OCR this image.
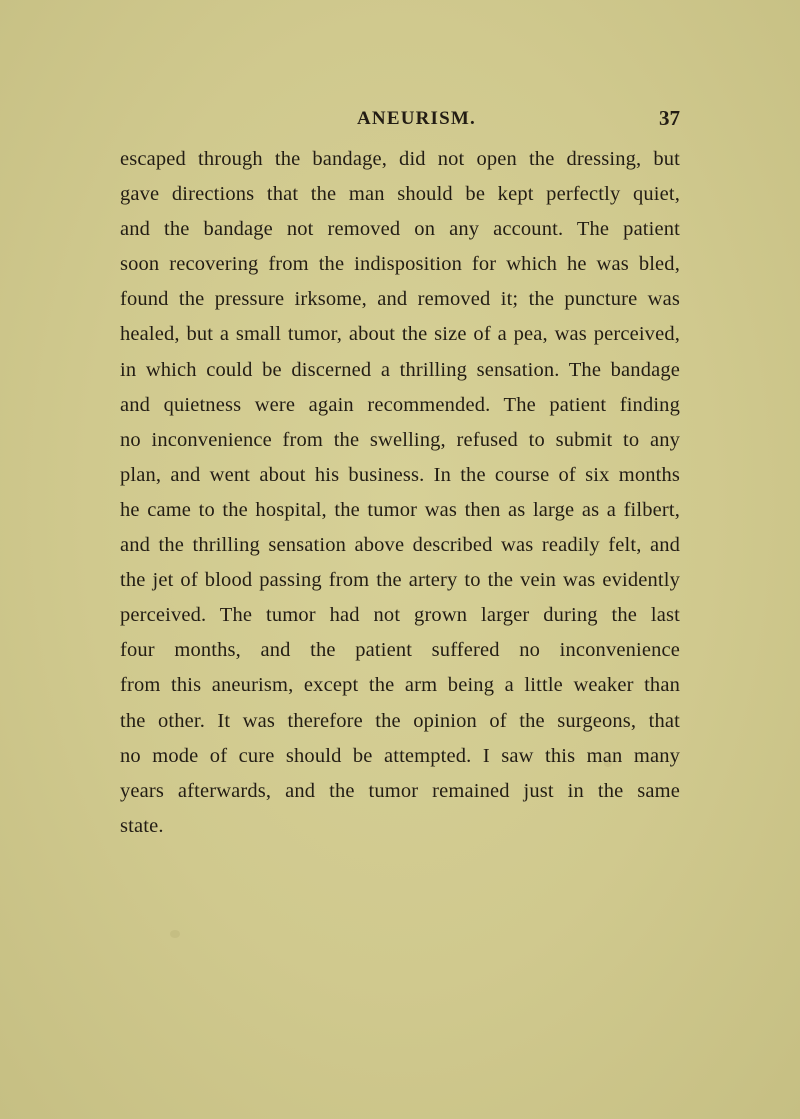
ANEURISM.	37

escaped through the bandage, did not open the dressing, but
gave directions that the man should be kept perfectly quiet,
and the bandage not removed on any account. The patient
soon recovering from the indisposition for which he was bled,
found the pressure irksome, and removed it; the puncture was
healed, but a small tumor, about the size of a pea, was perceived,
in which could be discerned a thrilling sensation. The bandage
and quietness were again recommended. The patient finding
no inconvenience from the swelling, refused to submit to any
plan, and went about his business. In the course of six months
he came to the hospital, the tumor was then as large as a filbert,
and the thrilling sensation above described was readily felt, and
the jet of blood passing from the artery to the vein was evidently
perceived. The tumor had not grown larger during the last
four months, and the patient suffered no inconvenience
from this aneurism, except the arm being a little weaker than
the other. It was therefore the opinion of the surgeons, that
no mode of cure should be attempted. I saw this man many
years afterwards, and the tumor remained just in the same
state.
